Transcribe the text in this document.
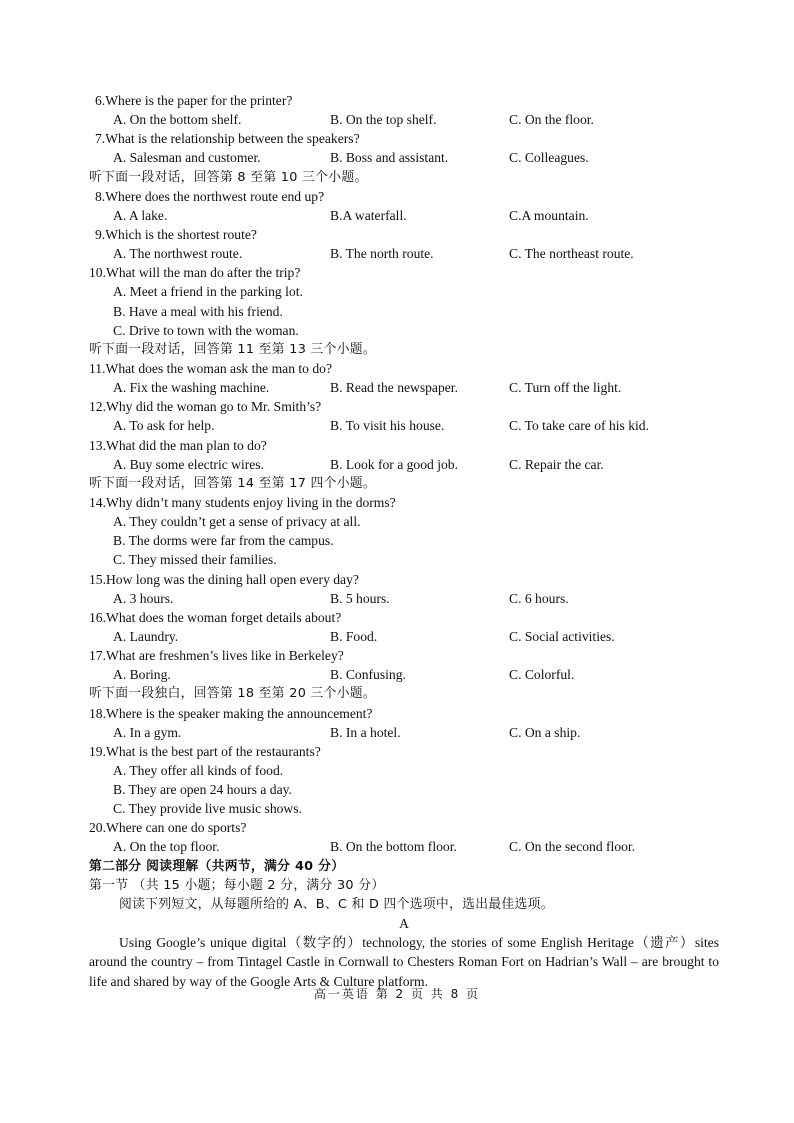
6.Where is the paper for the printer?
A. On the bottom shelf.	B. On the top shelf.	C. On the floor.
7.What is the relationship between the speakers?
A. Salesman and customer.	B. Boss and assistant.	C. Colleagues.
听下面一段对话，回答第 8 至第 10 三个小题。
8.Where does the northwest route end up?
A. A lake.	B.A waterfall.	C.A mountain.
9.Which is the shortest route?
A. The northwest route.	B. The north route.	C. The northeast route.
10.What will the man do after the trip?
A. Meet a friend in the parking lot.
B. Have a meal with his friend.
C. Drive to town with the woman.
听下面一段对话，回答第 11 至第 13 三个小题。
11.What does the woman ask the man to do?
A. Fix the washing machine.	B. Read the newspaper.	C. Turn off the light.
12.Why did the woman go to Mr. Smith’s?
A. To ask for help.	B. To visit his house.	C. To take care of his kid.
13.What did the man plan to do?
A. Buy some electric wires.	B. Look for a good job.	C. Repair the car.
听下面一段对话，回答第 14 至第 17 四个小题。
14.Why didn’t many students enjoy living in the dorms?
A. They couldn’t get a sense of privacy at all.
B. The dorms were far from the campus.
C. They missed their families.
15.How long was the dining hall open every day?
A. 3 hours.	B. 5 hours.	C. 6 hours.
16.What does the woman forget details about?
A. Laundry.	B. Food.	C. Social activities.
17.What are freshmen’s lives like in Berkeley?
A. Boring.	B. Confusing.	C. Colorful.
听下面一段独白，回答第 18 至第 20 三个小题。
18.Where is the speaker making the announcement?
A. In a gym.	B. In a hotel.	C. On a ship.
19.What is the best part of the restaurants?
A. They offer all kinds of food.
B. They are open 24 hours a day.
C. They provide live music shows.
20.Where can one do sports?
A. On the top floor.	B. On the bottom floor.	C. On the second floor.
第二部分 阅读理解（共两节，满分 40 分）
第一节 （共 15 小题；每小题 2 分，满分 30 分）
阅读下列短文，从每题所给的 A、B、C 和 D 四个选项中，选出最佳选项。
A
Using Google’s unique digital（数字的）technology, the stories of some English Heritage（遗产）sites around the country – from Tintagel Castle in Cornwall to Chesters Roman Fort on Hadrian’s Wall – are brought to life and shared by way of the Google Arts & Culture platform.
高一英语 第 2 页 共 8 页
